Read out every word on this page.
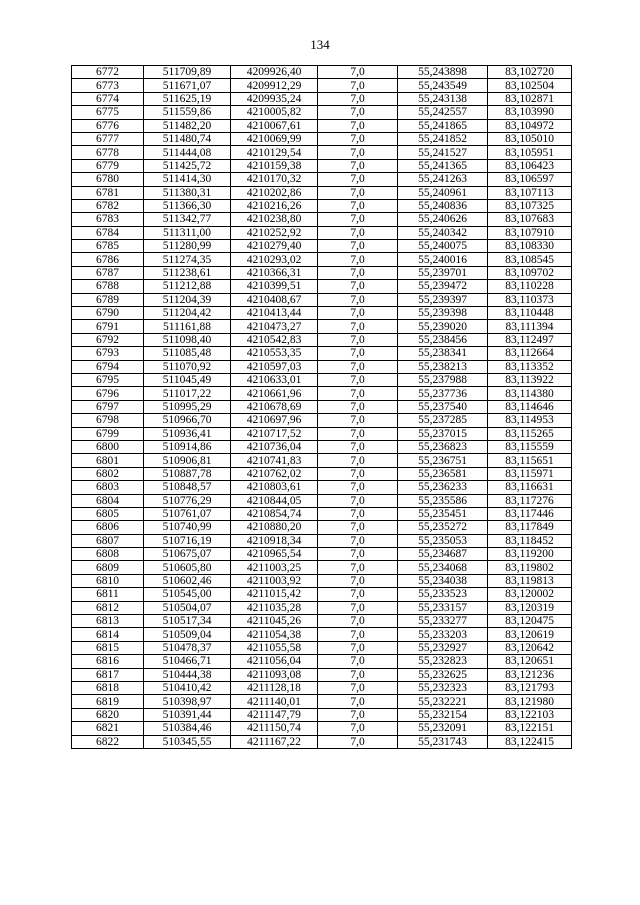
134
6772	511709,89	4209926,40	7,0	55,243898	83,102720
6773	511671,07	4209912,29	7,0	55,243549	83,102504
6774	511625,19	4209935,24	7,0	55,243138	83,102871
6775	511559,86	4210005,82	7,0	55,242557	83,103990
6776	511482,20	4210067,61	7,0	55,241865	83,104972
6777	511480,74	4210069,99	7,0	55,241852	83,105010
6778	511444,08	4210129,54	7,0	55,241527	83,105951
6779	511425,72	4210159,38	7,0	55,241365	83,106423
6780	511414,30	4210170,32	7,0	55,241263	83,106597
6781	511380,31	4210202,86	7,0	55,240961	83,107113
6782	511366,30	4210216,26	7,0	55,240836	83,107325
6783	511342,77	4210238,80	7,0	55,240626	83,107683
6784	511311,00	4210252,92	7,0	55,240342	83,107910
6785	511280,99	4210279,40	7,0	55,240075	83,108330
6786	511274,35	4210293,02	7,0	55,240016	83,108545
6787	511238,61	4210366,31	7,0	55,239701	83,109702
6788	511212,88	4210399,51	7,0	55,239472	83,110228
6789	511204,39	4210408,67	7,0	55,239397	83,110373
6790	511204,42	4210413,44	7,0	55,239398	83,110448
6791	511161,88	4210473,27	7,0	55,239020	83,111394
6792	511098,40	4210542,83	7,0	55,238456	83,112497
6793	511085,48	4210553,35	7,0	55,238341	83,112664
6794	511070,92	4210597,03	7,0	55,238213	83,113352
6795	511045,49	4210633,01	7,0	55,237988	83,113922
6796	511017,22	4210661,96	7,0	55,237736	83,114380
6797	510995,29	4210678,69	7,0	55,237540	83,114646
6798	510966,70	4210697,96	7,0	55,237285	83,114953
6799	510936,41	4210717,52	7,0	55,237015	83,115265
6800	510914,86	4210736,04	7,0	55,236823	83,115559
6801	510906,81	4210741,83	7,0	55,236751	83,115651
6802	510887,78	4210762,02	7,0	55,236581	83,115971
6803	510848,57	4210803,61	7,0	55,236233	83,116631
6804	510776,29	4210844,05	7,0	55,235586	83,117276
6805	510761,07	4210854,74	7,0	55,235451	83,117446
6806	510740,99	4210880,20	7,0	55,235272	83,117849
6807	510716,19	4210918,34	7,0	55,235053	83,118452
6808	510675,07	4210965,54	7,0	55,234687	83,119200
6809	510605,80	4211003,25	7,0	55,234068	83,119802
6810	510602,46	4211003,92	7,0	55,234038	83,119813
6811	510545,00	4211015,42	7,0	55,233523	83,120002
6812	510504,07	4211035,28	7,0	55,233157	83,120319
6813	510517,34	4211045,26	7,0	55,233277	83,120475
6814	510509,04	4211054,38	7,0	55,233203	83,120619
6815	510478,37	4211055,58	7,0	55,232927	83,120642
6816	510466,71	4211056,04	7,0	55,232823	83,120651
6817	510444,38	4211093,08	7,0	55,232625	83,121236
6818	510410,42	4211128,18	7,0	55,232323	83,121793
6819	510398,97	4211140,01	7,0	55,232221	83,121980
6820	510391,44	4211147,79	7,0	55,232154	83,122103
6821	510384,46	4211150,74	7,0	55,232091	83,122151
6822	510345,55	4211167,22	7,0	55,231743	83,122415
